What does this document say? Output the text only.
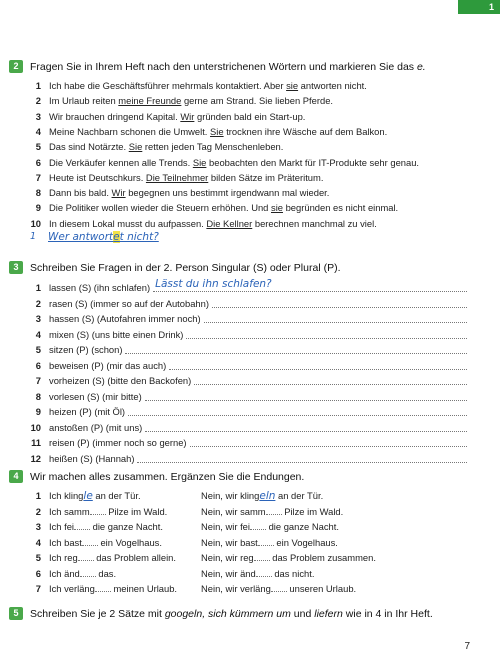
1
2	Fragen Sie in Ihrem Heft nach den unterstrichenen Wörtern und markieren Sie das e.
1 Ich habe die Geschäftsführer mehrmals kontaktiert. Aber sie antworten nicht.
2 Im Urlaub reiten meine Freunde gerne am Strand. Sie lieben Pferde.
3 Wir brauchen dringend Kapital. Wir gründen bald ein Start-up.
4 Meine Nachbarn schonen die Umwelt. Sie trocknen ihre Wäsche auf dem Balkon.
5 Das sind Notärzte. Sie retten jeden Tag Menschenleben.
6 Die Verkäufer kennen alle Trends. Sie beobachten den Markt für IT-Produkte sehr genau.
7 Heute ist Deutschkurs. Die Teilnehmer bilden Sätze im Präteritum.
8 Dann bis bald. Wir begegnen uns bestimmt irgendwann mal wieder.
9 Die Politiker wollen wieder die Steuern erhöhen. Und sie begründen es nicht einmal.
10 In diesem Lokal musst du aufpassen. Die Kellner berechnen manchmal zu viel.
1 Wer antwortet nicht?
3	Schreiben Sie Fragen in der 2. Person Singular (S) oder Plural (P).
1 lassen (S) (ihn schlafen) Lässt du ihn schlafen?
2 rasen (S) (immer so auf der Autobahn)
3 hassen (S) (Autofahren immer noch)
4 mixen (S) (uns bitte einen Drink)
5 sitzen (P) (schon)
6 beweisen (P) (mir das auch)
7 vorheizen (S) (bitte den Backofen)
8 vorlesen (S) (mir bitte)
9 heizen (P) (mit Öl)
10 anstoßen (P) (mit uns)
11 reisen (P) (immer noch so gerne)
12 heißen (S) (Hannah)
4	Wir machen alles zusammen. Ergänzen Sie die Endungen.
1 Ich klingle an der Tür.	Nein, wir klingeln an der Tür.
2 Ich samm Pilze im Wald.	Nein, wir samm Pilze im Wald.
3 Ich fei die ganze Nacht.	Nein, wir fei die ganze Nacht.
4 Ich bast ein Vogelhaus.	Nein, wir bast ein Vogelhaus.
5 Ich reg das Problem allein.	Nein, wir reg das Problem zusammen.
6 Ich änd das.	Nein, wir änd das nicht.
7 Ich verläng meinen Urlaub.	Nein, wir verläng unseren Urlaub.
5	Schreiben Sie je 2 Sätze mit googeln, sich kümmern um und liefern wie in 4 in Ihr Heft.
7
